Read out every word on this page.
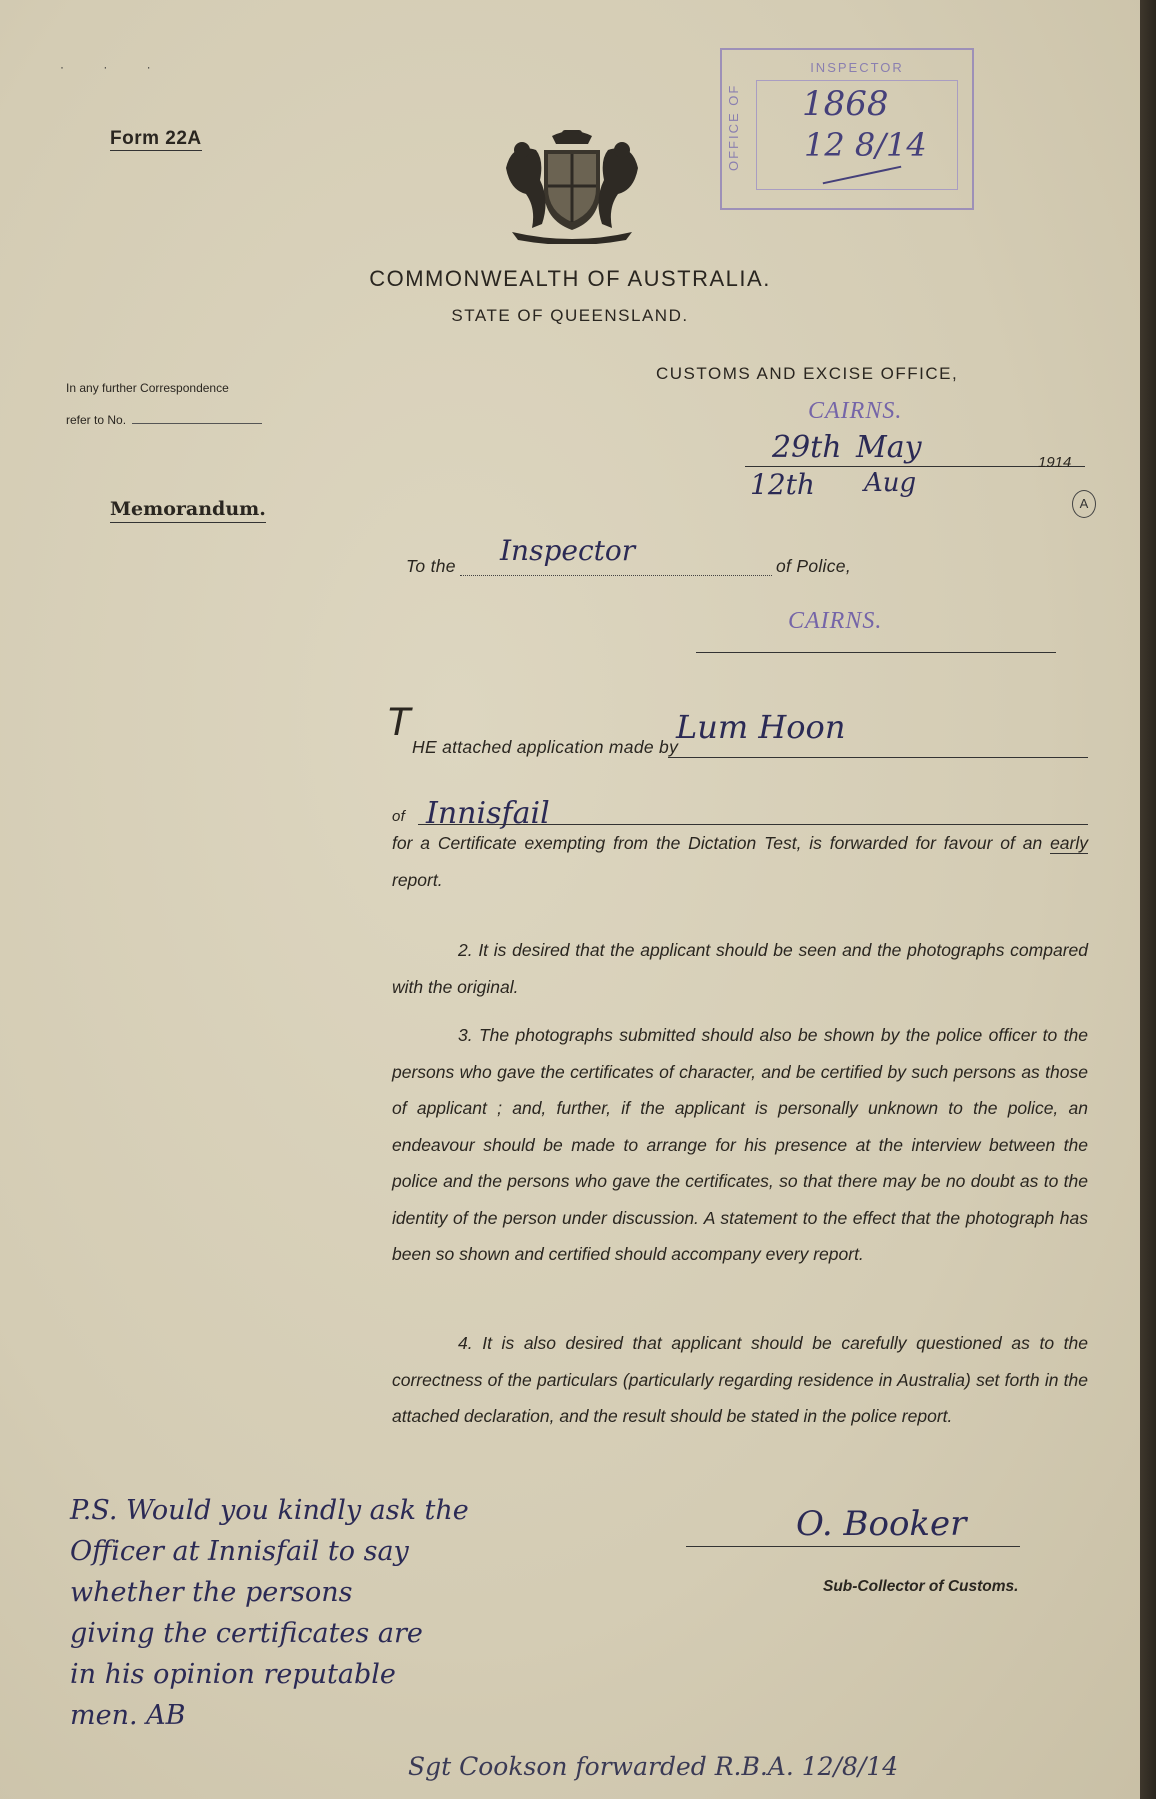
· · ·
Form 22A	OFFICE OF
INSPECTOR
1868
12 8/14
COMMONWEALTH OF AUSTRALIA.
STATE OF QUEENSLAND.
CUSTOMS AND EXCISE OFFICE,
In any further Correspondence
refer to No.
Memorandum.
CAIRNS.
29th
12th
May
Aug
1914
A
To the Inspector	of Police,
CAIRNS.
T
HE attached application made by
Lum Hoon
of Innisfail
for a Certificate exempting from the Dictation Test, is forwarded for favour of an early report.
2. It is desired that the applicant should be seen and the photographs compared with the original.
3. The photographs submitted should also be shown by the police officer to the persons who gave the certificates of character, and be certified by such persons as those of applicant ; and, further, if the applicant is personally unknown to the police, an endeavour should be made to arrange for his presence at the interview between the police and the persons who gave the certificates, so that there may be no doubt as to the identity of the person under discussion. A statement to the effect that the photograph has been so shown and certified should accompany every report.
4. It is also desired that applicant should be carefully questioned as to the correctness of the particulars (particularly regarding residence in Australia) set forth in the attached declaration, and the result should be stated in the police report.
P.S. Would you kindly ask the
Officer at Innisfail to say
whether the persons
giving the certificates are
in his opinion reputable
men. AB
O. Booker
Sub-Collector of Customs.
Sgt Cookson forwarded R.B.A. 12/8/14
